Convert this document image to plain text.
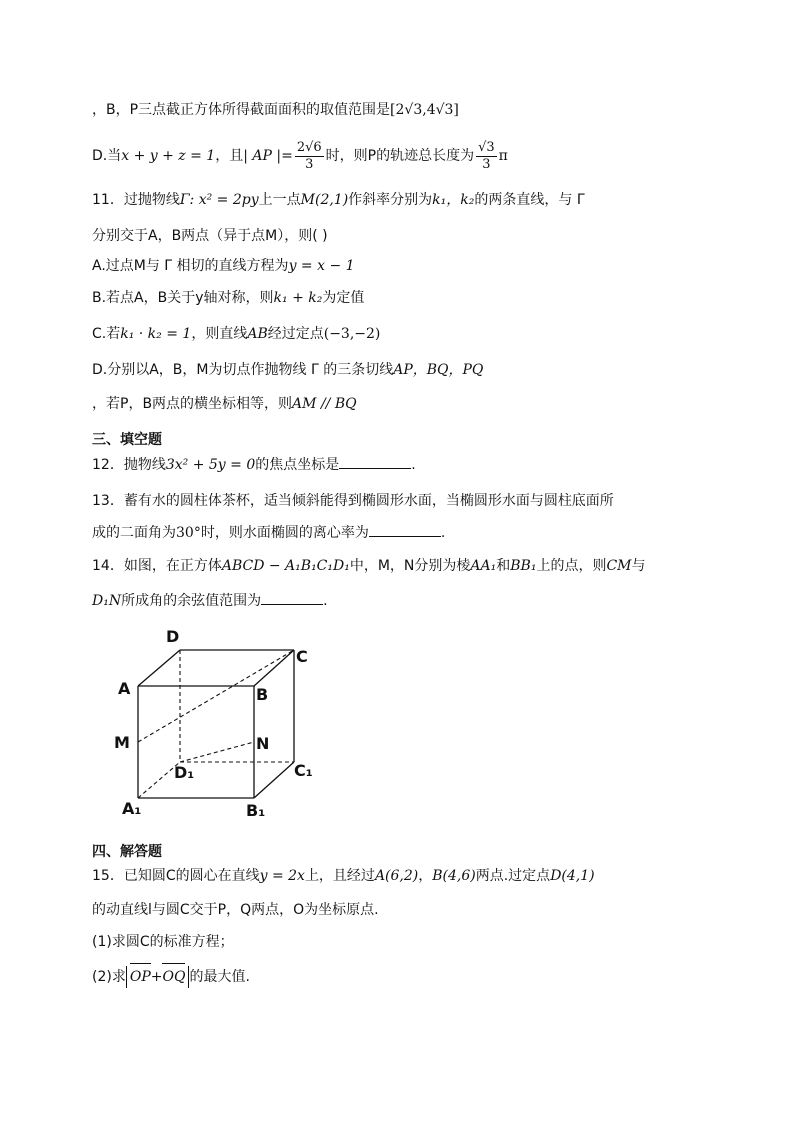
，B，P三点截正方体所得截面面积的取值范围是[2√3,4√3]
D.当x + y + z = 1，且| AP |= $\frac{2√6}{3}$ 时，则P的轨迹总长度为 $\frac{√3}{3}$ π
11．过抛物线Γ: x² = 2py上一点M(2,1)作斜率分别为k₁，k₂的两条直线，与 Γ
分别交于A，B两点（异于点M），则( )
A.过点M与 Γ 相切的直线方程为y = x − 1
B.若点A，B关于y轴对称，则k₁ + k₂为定值
C.若k₁ · k₂ = 1，则直线AB经过定点(−3,−2)
D.分别以A，B，M为切点作抛物线 Γ 的三条切线AP，BQ，PQ
，若P，B两点的横坐标相等，则AM // BQ
三、填空题
12．抛物线3x² + 5y = 0的焦点坐标是	.
13．蓄有水的圆柱体茶杯，适当倾斜能得到椭圆形水面，当椭圆形水面与圆柱底面所
成的二面角为30°时，则水面椭圆的离心率为	.
14．如图，在正方体ABCD − A₁B₁C₁D₁中，M，N分别为棱AA₁和BB₁上的点，则CM与
D₁N所成角的余弦值范围为	.
D
C
A	B
M	N
D₁	C₁
A₁	B₁
四、解答题
15．已知圆C的圆心在直线y = 2x上，且经过A(6,2)，B(4,6)两点.过定点D(4,1)
的动直线l与圆C交于P，Q两点，O为坐标原点.
(1)求圆C的标准方程；
(2)求 OP+OQ 的最大值.
